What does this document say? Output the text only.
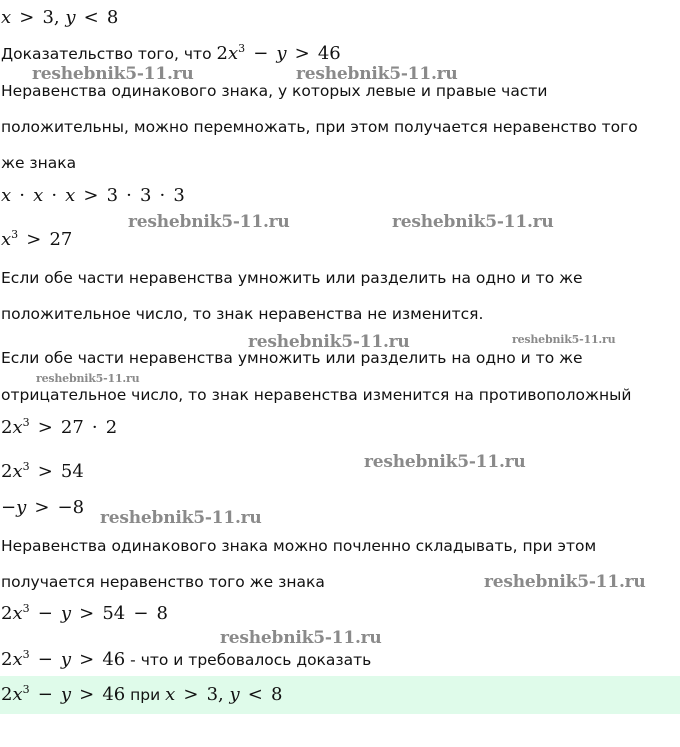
x > 3, y < 8
Доказательство того, что $2x^3 - y > 46$
Неравенства одинакового знака, у которых левые и правые части
положительны, можно перемножать, при этом получается неравенство того
же знака
x · x · x > 3 · 3 · 3
$x^3 > 27$
Если обе части неравенства умножить или разделить на одно и то же
положительное число, то знак неравенства не изменится.
Если обе части неравенства умножить или разделить на одно и то же
отрицательное число, то знак неравенства изменится на противоположный
$2x^3 > 27 \cdot 2$
$2x^3 > 54$
−y > −8
Неравенства одинакового знака можно почленно складывать, при этом
получается неравенство того же знака
$2x^3 - y > 54 - 8$
$2x^3 - y > 46$ - что и требовалось доказать
$2x^3 - y > 46$ при x > 3, y < 8
reshebnik5-11.ru	reshebnik5-11.ru
reshebnik5-11.ru	reshebnik5-11.ru
reshebnik5-11.ru	reshebnik5-11.ru
reshebnik5-11.ru
reshebnik5-11.ru
reshebnik5-11.ru
reshebnik5-11.ru
reshebnik5-11.ru
